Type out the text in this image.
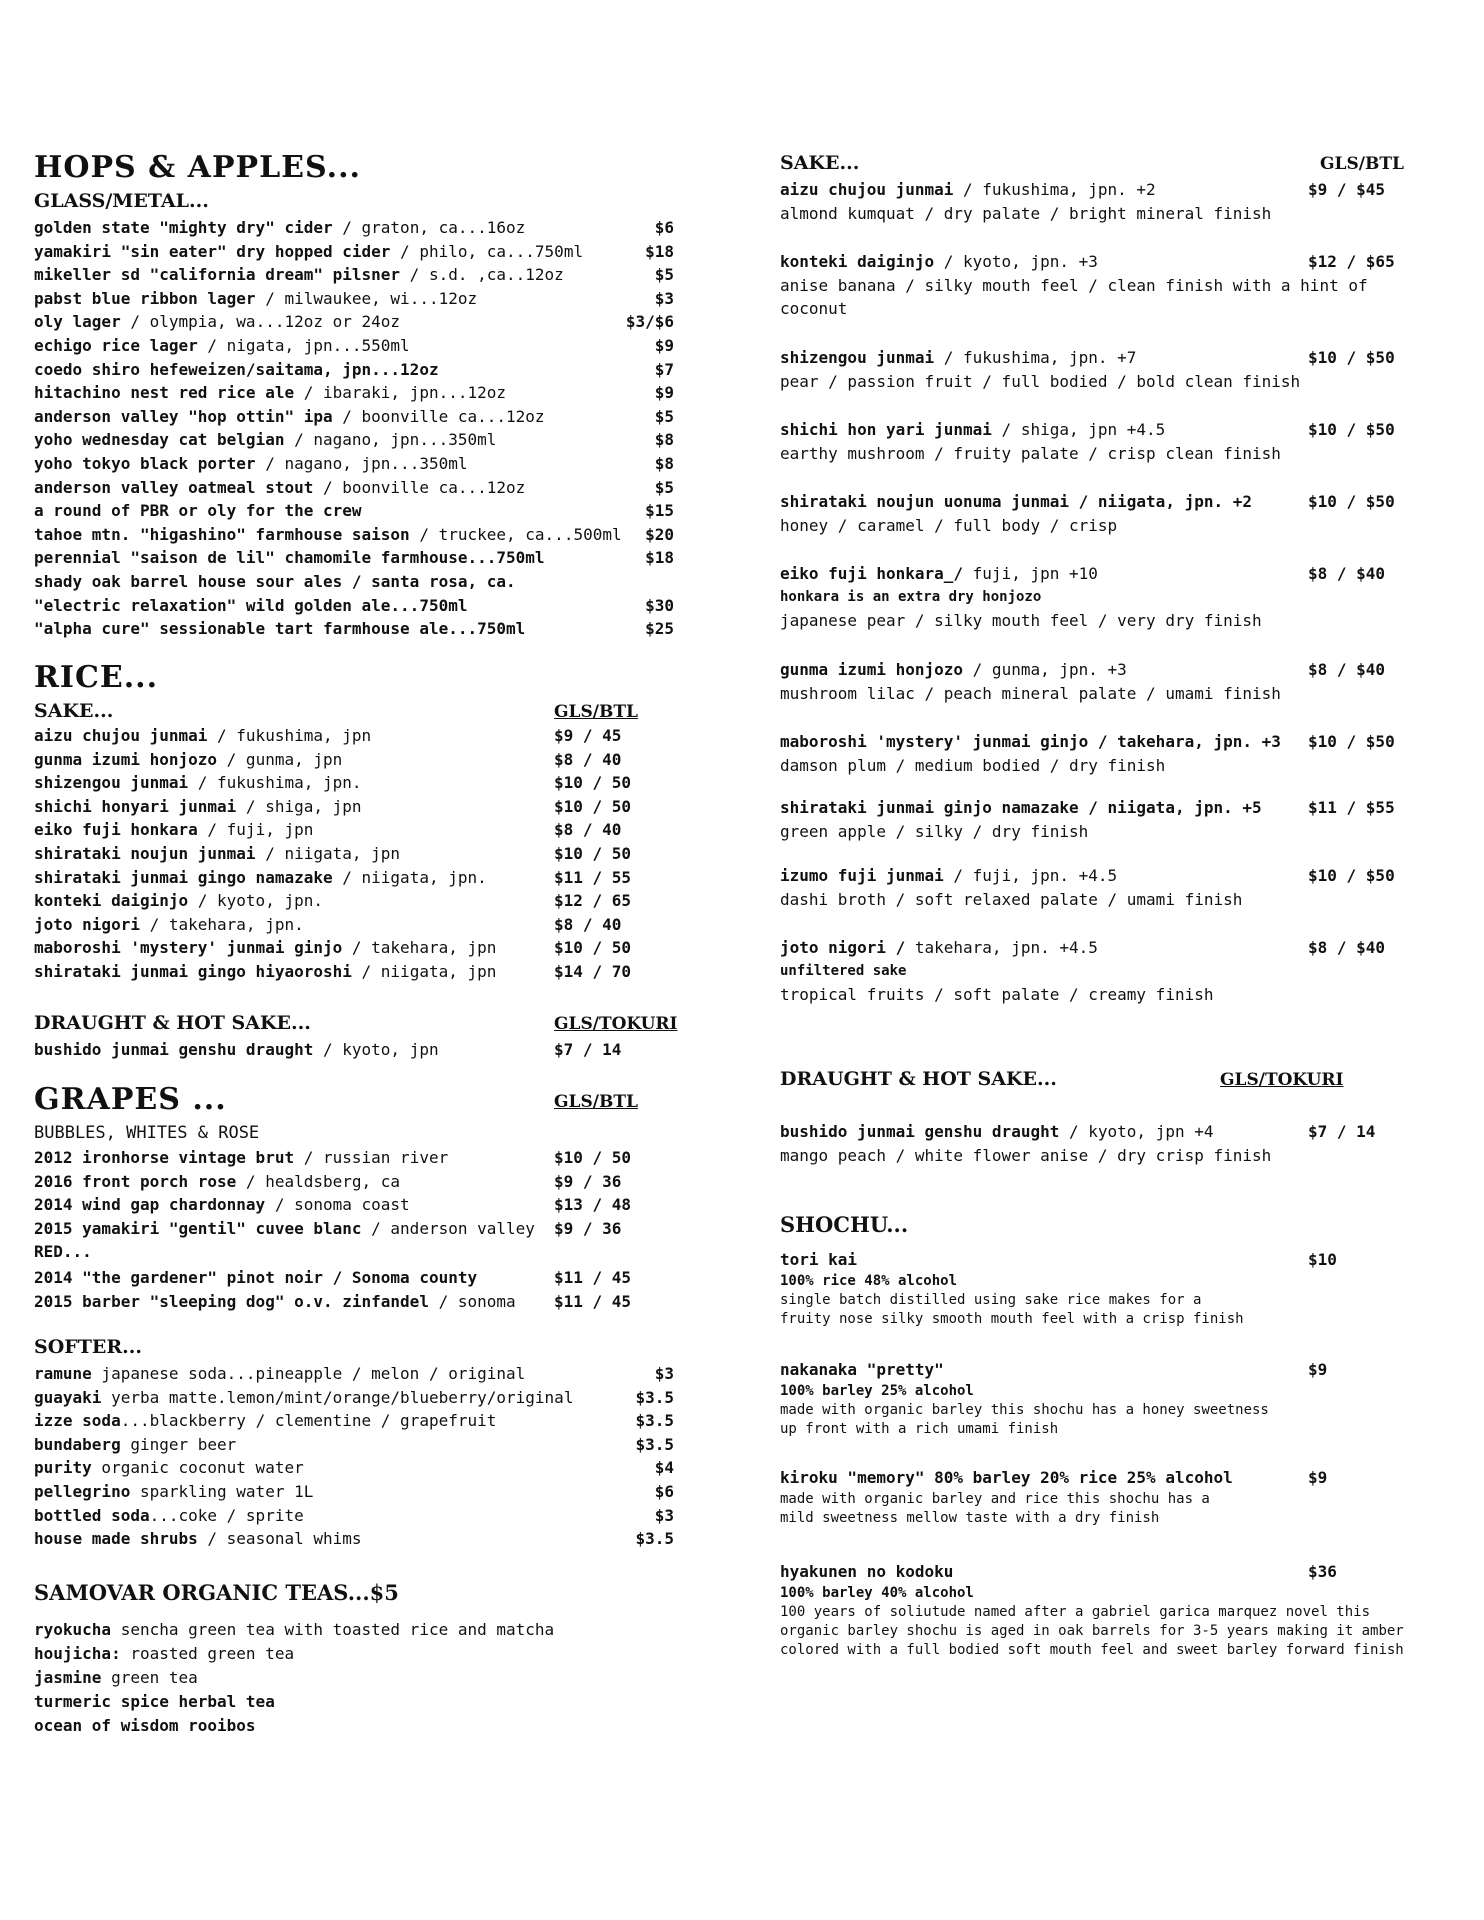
HOPS & APPLES...
GLASS/METAL...
golden state "mighty dry" cider / graton, ca...16oz	$6
yamakiri "sin eater" dry hopped cider / philo, ca...750ml	$18
mikeller sd "california dream" pilsner / s.d. ,ca..12oz	$5
pabst blue ribbon lager / milwaukee, wi...12oz	$3
oly lager / olympia, wa...12oz or 24oz	$3/$6
echigo rice lager / nigata, jpn...550ml	$9
coedo shiro hefeweizen/saitama, jpn...12oz	$7
hitachino nest red rice ale / ibaraki, jpn...12oz	$9
anderson valley "hop ottin" ipa / boonville ca...12oz	$5
yoho wednesday cat belgian / nagano, jpn...350ml	$8
yoho tokyo black porter / nagano, jpn...350ml	$8
anderson valley oatmeal stout / boonville ca...12oz	$5
a round of PBR or oly for the crew	$15
tahoe mtn. "higashino" farmhouse saison / truckee, ca...500ml $20
perennial "saison de lil" chamomile farmhouse...750ml	$18
shady oak barrel house sour ales / santa rosa, ca.
"electric relaxation" wild golden ale...750ml	$30
"alpha cure" sessionable tart farmhouse ale...750ml	$25
RICE...
SAKE...	GLS/BTL
aizu chujou junmai / fukushima, jpn	$9 / 45
gunma izumi honjozo / gunma, jpn	$8 / 40
shizengou junmai / fukushima, jpn.	$10 / 50
shichi honyari junmai / shiga, jpn	$10 / 50
eiko fuji honkara / fuji, jpn	$8 / 40
shirataki noujun junmai / niigata, jpn	$10 / 50
shirataki junmai gingo namazake / niigata, jpn.	$11 / 55
konteki daiginjo / kyoto, jpn.	$12 / 65
joto nigori / takehara, jpn.	$8 / 40
maboroshi 'mystery' junmai ginjo / takehara, jpn	$10 / 50
shirataki junmai gingo hiyaoroshi / niigata, jpn	$14 / 70
DRAUGHT & HOT SAKE...	GLS/TOKURI
bushido junmai genshu draught / kyoto, jpn	$7 / 14
GRAPES ...	GLS/BTL
BUBBLES, WHITES & ROSE
2012 ironhorse vintage brut / russian river	$10 / 50
2016 front porch rose / healdsberg, ca	$9 / 36
2014 wind gap chardonnay / sonoma coast	$13 / 48
2015 yamakiri "gentil" cuvee blanc / anderson valley $9 / 36
RED...
2014 "the gardener" pinot noir / Sonoma county	$11 / 45
2015 barber "sleeping dog" o.v. zinfandel / sonoma $11 / 45
SOFTER...
ramune japanese soda...pineapple / melon / original	$3
guayaki yerba matte.lemon/mint/orange/blueberry/original	$3.5
izze soda...blackberry / clementine / grapefruit	$3.5
bundaberg ginger beer	$3.5
purity organic coconut water	$4
pellegrino sparkling water 1L	$6
bottled soda...coke / sprite	$3
house made shrubs / seasonal whims	$3.5
SAMOVAR ORGANIC TEAS...$5
ryokucha sencha green tea with toasted rice and matcha
houjicha: roasted green tea
jasmine green tea
turmeric spice herbal tea
ocean of wisdom rooibos
SAKE...	GLS/BTL
aizu chujou junmai / fukushima, jpn. +2	$9 / $45
almond kumquat / dry palate / bright mineral finish
konteki daiginjo / kyoto, jpn. +3	$12 / $65
anise banana / silky mouth feel / clean finish with a hint of
coconut
shizengou junmai / fukushima, jpn. +7	$10 / $50
pear / passion fruit / full bodied / bold clean finish
shichi hon yari junmai / shiga, jpn +4.5	$10 / $50
earthy mushroom / fruity palate / crisp clean finish
shirataki noujun uonuma junmai / niigata, jpn. +2	$10 / $50
honey / caramel / full body / crisp
eiko fuji honkara_/ fuji, jpn +10	$8 / $40
honkara is an extra dry honjozo
japanese pear / silky mouth feel / very dry finish
gunma izumi honjozo / gunma, jpn. +3	$8 / $40
mushroom lilac / peach mineral palate / umami finish
maboroshi 'mystery' junmai ginjo / takehara, jpn. +3 $10 / $50
damson plum / medium bodied / dry finish
shirataki junmai ginjo namazake / niigata, jpn. +5	$11 / $55
green apple / silky / dry finish
izumo fuji junmai / fuji, jpn. +4.5	$10 / $50
dashi broth / soft relaxed palate / umami finish
joto nigori / takehara, jpn. +4.5	$8 / $40
unfiltered sake
tropical fruits / soft palate / creamy finish
DRAUGHT & HOT SAKE...	GLS/TOKURI
bushido junmai genshu draught / kyoto, jpn +4	$7 / 14
mango peach / white flower anise / dry crisp finish
SHOCHU...
tori kai	$10
100% rice 48% alcohol
single batch distilled using sake rice makes for a
fruity nose silky smooth mouth feel with a crisp finish
nakanaka "pretty"	$9
100% barley 25% alcohol
made with organic barley this shochu has a honey sweetness
up front with a rich umami finish
kiroku "memory" 80% barley 20% rice 25% alcohol	$9
made with organic barley and rice this shochu has a
mild sweetness mellow taste with a dry finish
hyakunen no kodoku	$36
100% barley 40% alcohol
100 years of soliutude named after a gabriel garica marquez novel this
organic barley shochu is aged in oak barrels for 3-5 years making it amber
colored with a full bodied soft mouth feel and sweet barley forward finish
